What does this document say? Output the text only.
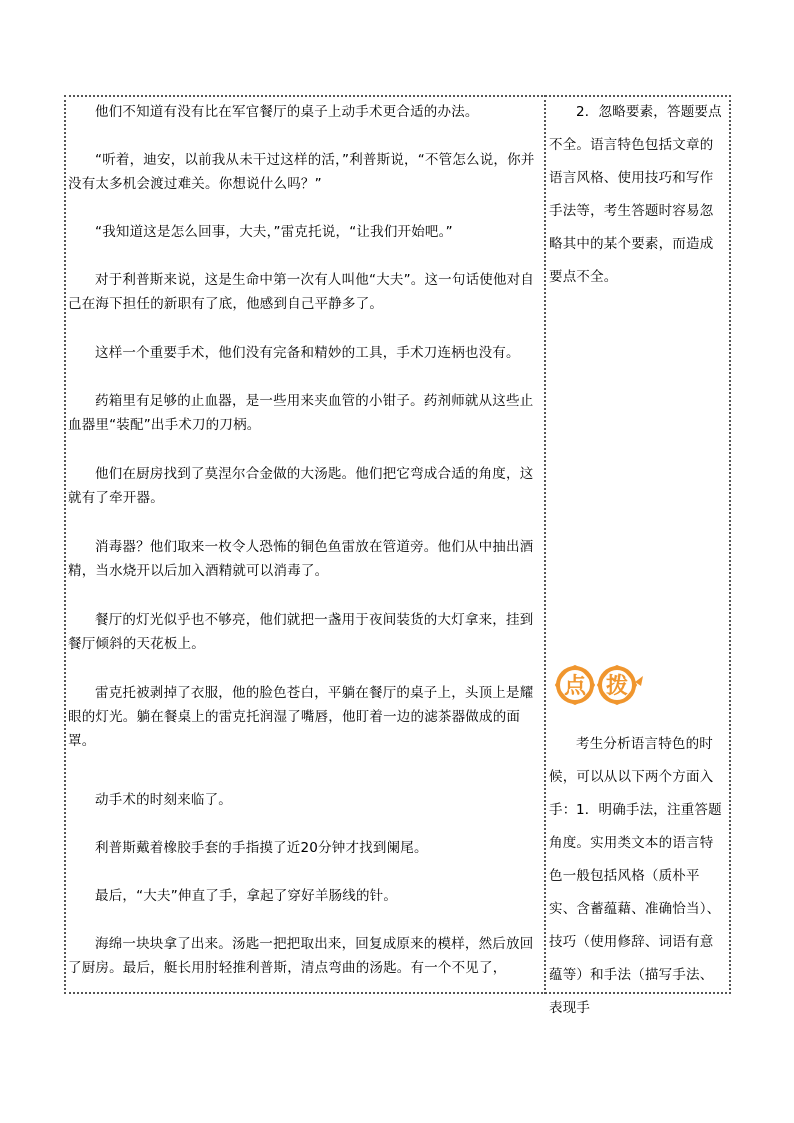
他们不知道有没有比在军官餐厅的桌子上动手术更合适的办法。

“听着，迪安，以前我从未干过这样的活，”利普斯说，“不管怎么说，你并没有太多机会渡过难关。你想说什么吗？”

“我知道这是怎么回事，大夫，”雷克托说，“让我们开始吧。”

对于利普斯来说，这是生命中第一次有人叫他“大夫”。这一句话使他对自己在海下担任的新职有了底，他感到自己平静多了。

这样一个重要手术，他们没有完备和精妙的工具，手术刀连柄也没有。

药箱里有足够的止血器，是一些用来夹血管的小钳子。药剂师就从这些止血器里“装配”出手术刀的刀柄。

他们在厨房找到了莫涅尔合金做的大汤匙。他们把它弯成合适的角度，这就有了牵开器。

消毒器？他们取来一枚令人恐怖的铜色鱼雷放在管道旁。他们从中抽出酒精，当水烧开以后加入酒精就可以消毒了。

餐厅的灯光似乎也不够亮，他们就把一盏用于夜间装货的大灯拿来，挂到餐厅倾斜的天花板上。

雷克托被剥掉了衣服，他的脸色苍白，平躺在餐厅的桌子上，头顶上是耀眼的灯光。躺在餐桌上的雷克托润湿了嘴唇，他盯着一边的滤茶器做成的面罩。

动手术的时刻来临了。

利普斯戴着橡胶手套的手指摸了近20分钟才找到阑尾。

最后，“大夫”伸直了手，拿起了穿好羊肠线的针。

海绵一块块拿了出来。汤匙一把把取出来，回复成原来的模样，然后放回了厨房。最后，艇长用肘轻推利普斯，清点弯曲的汤匙。有一个不见了，

2．忽略要素，答题要点不全。语言特色包括文章的语言风格、使用技巧和写作手法等，考生答题时容易忽略其中的某个要素，而造成要点不全。

考生分析语言特色的时候，可以从以下两个方面入手： 1．明确手法，注重答题角度。实用类文本的语言特色一般包括风格（质朴平实、含蓄蕴藉、准确恰当）、技巧（使用修辞、词语有意蕴等）和手法（描写手法、表现手

点 拨
